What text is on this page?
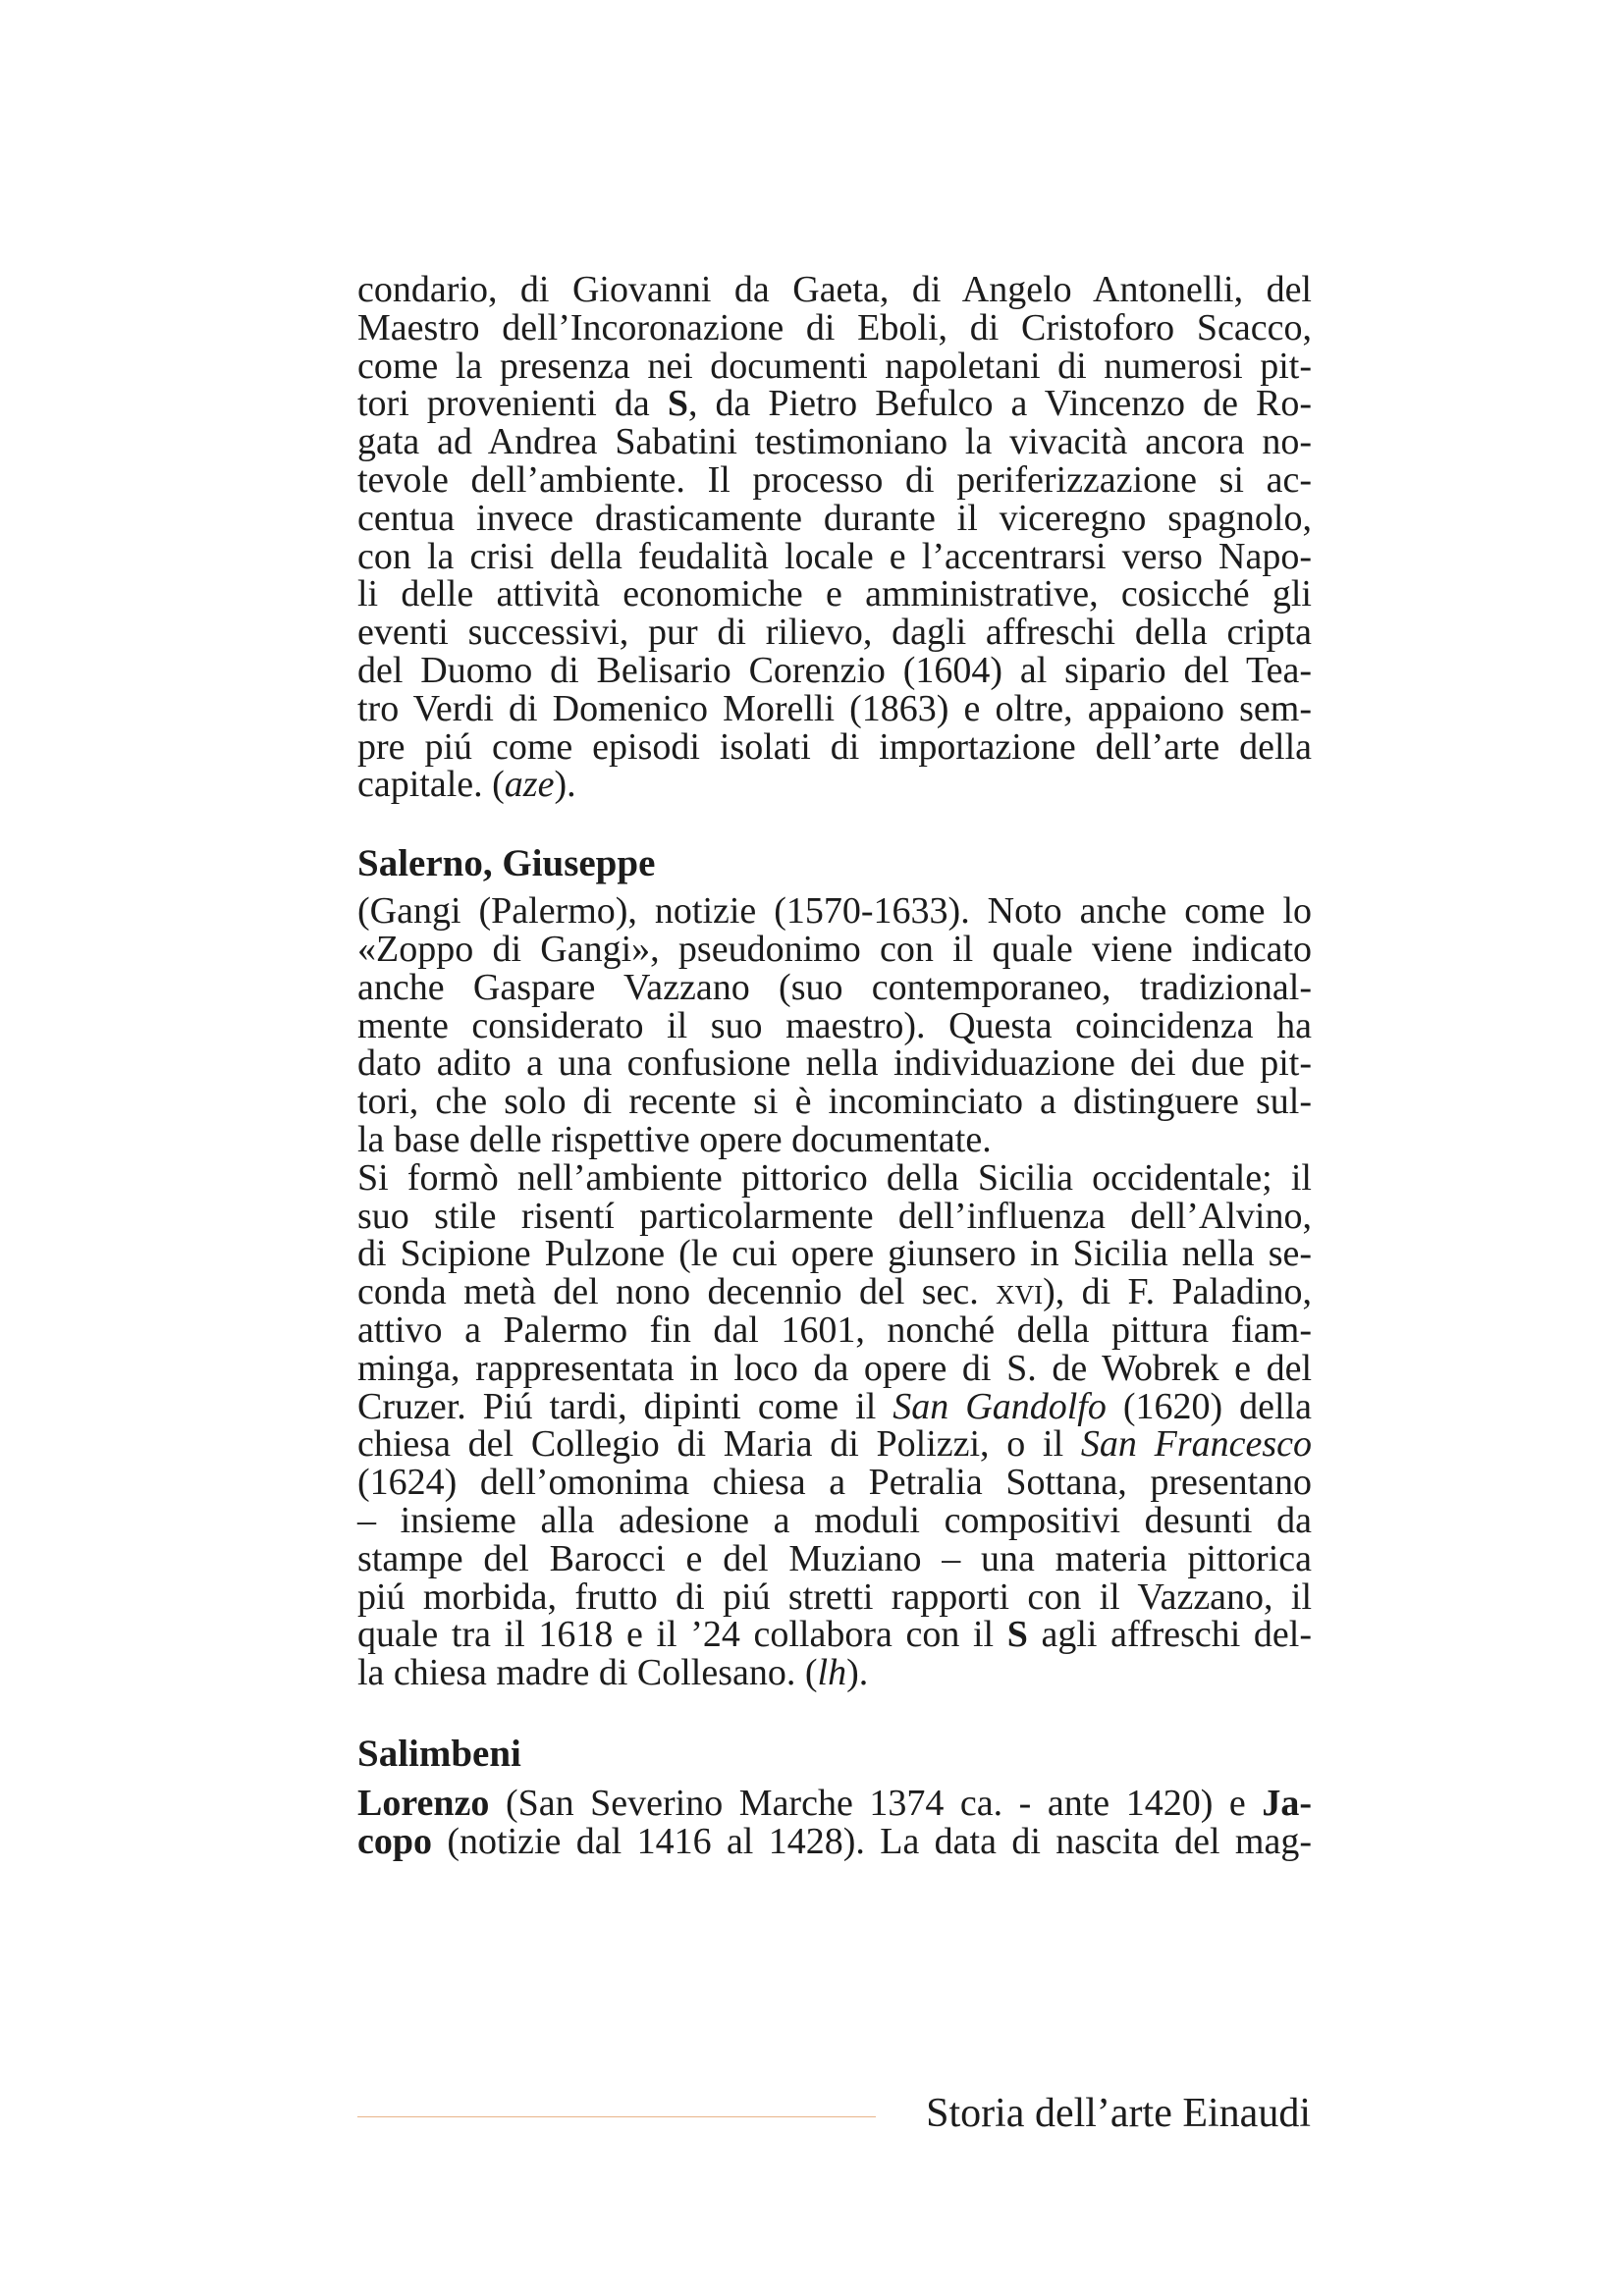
condario, di Giovanni da Gaeta, di Angelo Antonelli, del
Maestro dell’Incoronazione di Eboli, di Cristoforo Scacco,
come la presenza nei documenti napoletani di numerosi pit-
tori provenienti da S, da Pietro Befulco a Vincenzo de Ro-
gata ad Andrea Sabatini testimoniano la vivacità ancora no-
tevole dell’ambiente. Il processo di periferizzazione si ac-
centua invece drasticamente durante il viceregno spagnolo,
con la crisi della feudalità locale e l’accentrarsi verso Napo-
li delle attività economiche e amministrative, cosicché gli
eventi successivi, pur di rilievo, dagli affreschi della cripta
del Duomo di Belisario Corenzio (1604) al sipario del Tea-
tro Verdi di Domenico Morelli (1863) e oltre, appaiono sem-
pre piú come episodi isolati di importazione dell’arte della
capitale. (aze).
Salerno, Giuseppe
(Gangi (Palermo), notizie (1570-1633). Noto anche come lo
«Zoppo di Gangi», pseudonimo con il quale viene indicato
anche Gaspare Vazzano (suo contemporaneo, tradizional-
mente considerato il suo maestro). Questa coincidenza ha
dato adito a una confusione nella individuazione dei due pit-
tori, che solo di recente si è incominciato a distinguere sul-
la base delle rispettive opere documentate.
Si formò nell’ambiente pittorico della Sicilia occidentale; il
suo stile risentí particolarmente dell’influenza dell’Alvino,
di Scipione Pulzone (le cui opere giunsero in Sicilia nella se-
conda metà del nono decennio del sec. xvi), di F. Paladino,
attivo a Palermo fin dal 1601, nonché della pittura fiam-
minga, rappresentata in loco da opere di S. de Wobrek e del
Cruzer. Piú tardi, dipinti come il San Gandolfo (1620) della
chiesa del Collegio di Maria di Polizzi, o il San Francesco
(1624) dell’omonima chiesa a Petralia Sottana, presentano
– insieme alla adesione a moduli compositivi desunti da
stampe del Barocci e del Muziano – una materia pittorica
piú morbida, frutto di piú stretti rapporti con il Vazzano, il
quale tra il 1618 e il ’24 collabora con il S agli affreschi del-
la chiesa madre di Collesano. (lh).
Salimbeni
Lorenzo (San Severino Marche 1374 ca. - ante 1420) e Ja-
copo (notizie dal 1416 al 1428). La data di nascita del mag-
Storia dell’arte Einaudi
